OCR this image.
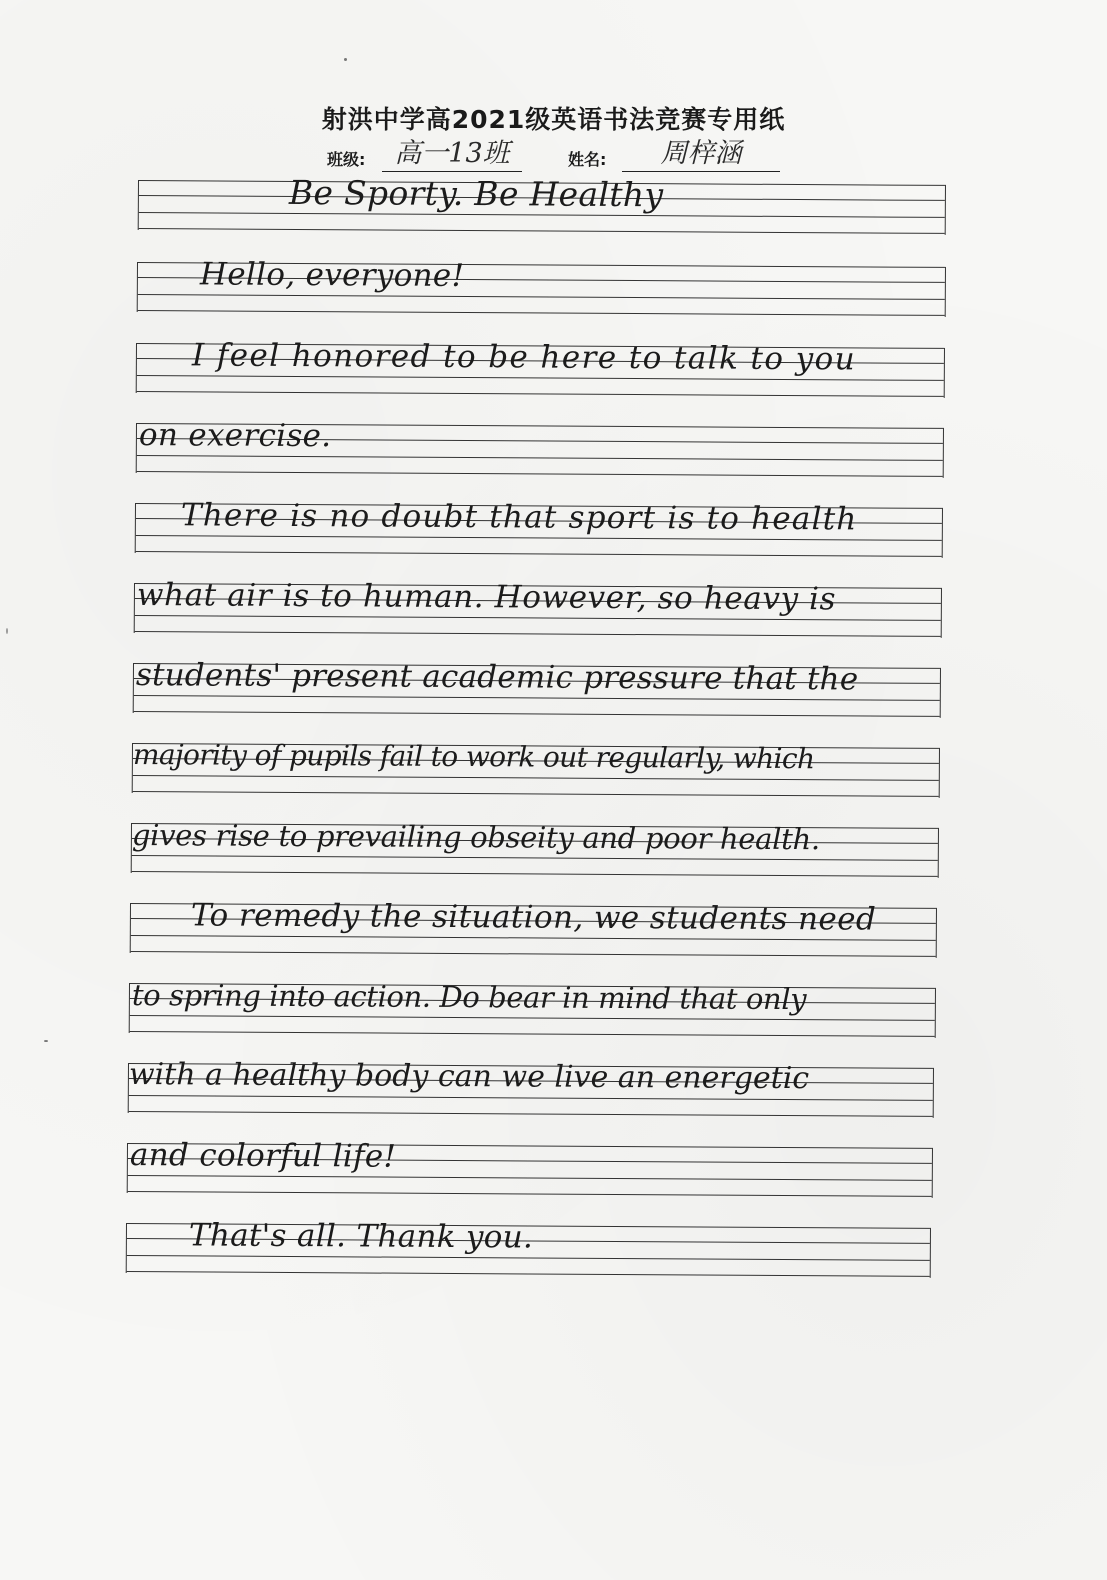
射洪中学高2021级英语书法竞赛专用纸
班级:	高一13班	姓名:	周梓涵
Be Sporty. Be Healthy
Hello, everyone!
I feel honored to be here to talk to you
on exercise.
There is no doubt that sport is to health
what air is to human. However, so heavy is
students' present academic pressure that the
majority of pupils fail to work out regularly, which
gives rise to prevailing obseity and poor health.
To remedy the situation, we students need
to spring into action. Do bear in mind that only
with a healthy body can we live an energetic
and colorful life!
That's all. Thank you.
